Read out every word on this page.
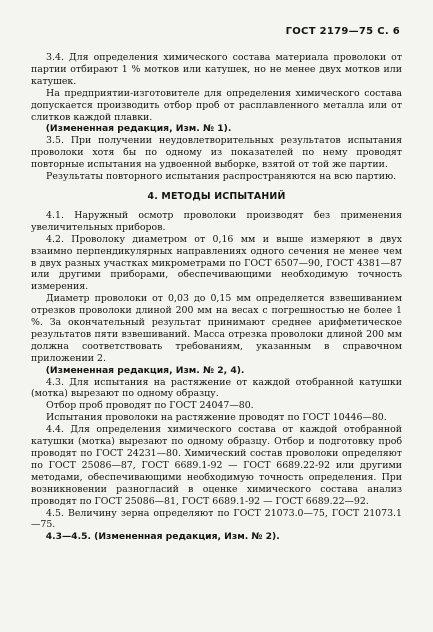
ГОСТ 2179—75 С. 6

3.4. Для определения химического состава материала проволоки от партии отбирают 1 % мотков или катушек, но не менее двух мотков или катушек.

На предприятии-изготовителе для определения химического состава допускается производить отбор проб от расплавленного металла или от слитков каждой плавки.

(Измененная редакция, Изм. № 1).

3.5. При получении неудовлетворительных результатов испытания проволоки хотя бы по одному из показателей по нему проводят повторные испытания на удвоенной выборке, взятой от той же партии.

Результаты повторного испытания распространяются на всю партию.

4. МЕТОДЫ ИСПЫТАНИЙ

4.1. Наружный осмотр проволоки производят без применения увеличительных приборов.

4.2. Проволоку диаметром от 0,16 мм и выше измеряют в двух взаимно перпендикулярных направлениях одного сечения не менее чем в двух разных участках микрометрами по ГОСТ 6507—90, ГОСТ 4381—87 или другими приборами, обеспечивающими необходимую точность измерения.

Диаметр проволоки от 0,03 до 0,15 мм определяется взвешиванием отрезков проволоки длиной 200 мм на весах с погрешностью не более 1 %. За окончательный результат принимают среднее арифметическое результатов пяти взвешиваний. Масса отрезка проволоки длиной 200 мм должна соответствовать требованиям, указанным в справочном приложении 2.

(Измененная редакция, Изм. № 2, 4).

4.3. Для испытания на растяжение от каждой отобранной катушки (мотка) вырезают по одному образцу.

Отбор проб проводят по ГОСТ 24047—80.

Испытания проволоки на растяжение проводят по ГОСТ 10446—80.

4.4. Для определения химического состава от каждой отобранной катушки (мотка) вырезают по одному образцу. Отбор и подготовку проб проводят по ГОСТ 24231—80. Химический состав проволоки определяют по ГОСТ 25086—87, ГОСТ 6689.1-92 — ГОСТ 6689.22-92 или другими методами, обеспечивающими необходимую точность определения. При возникновении разногласий в оценке химического состава анализ проводят по ГОСТ 25086—81, ГОСТ 6689.1-92 — ГОСТ 6689.22—92.

4.5. Величину зерна определяют по ГОСТ 21073.0—75, ГОСТ 21073.1—75.

4.3—4.5. (Измененная редакция, Изм. № 2).
